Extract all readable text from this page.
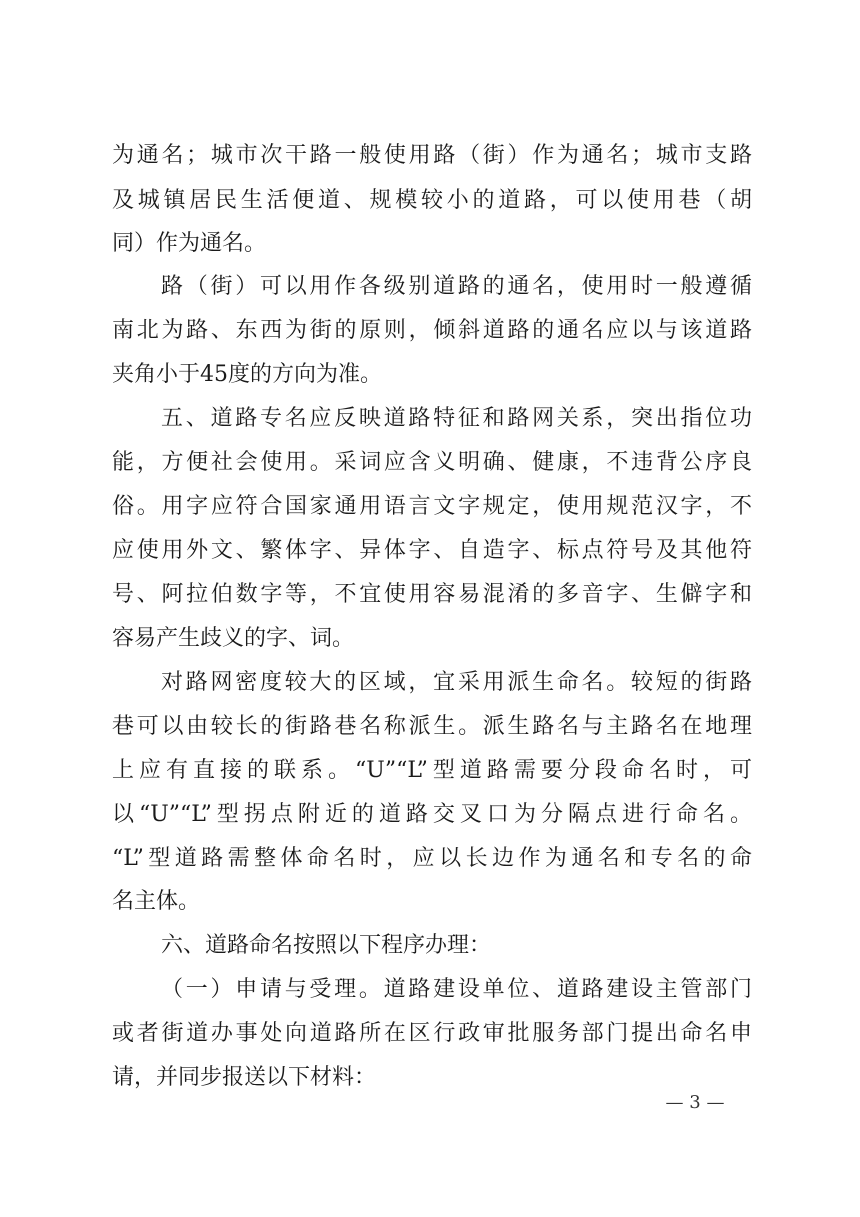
为通名；城市次干路一般使用路（街）作为通名；城市支路
及城镇居民生活便道、规模较小的道路，可以使用巷（胡
同）作为通名。
路（街）可以用作各级别道路的通名，使用时一般遵循
南北为路、东西为街的原则，倾斜道路的通名应以与该道路
夹角小于45度的方向为准。
五、道路专名应反映道路特征和路网关系，突出指位功
能，方便社会使用。采词应含义明确、健康，不违背公序良
俗。用字应符合国家通用语言文字规定，使用规范汉字，不
应使用外文、繁体字、异体字、自造字、标点符号及其他符
号、阿拉伯数字等，不宜使用容易混淆的多音字、生僻字和
容易产生歧义的字、词。
对路网密度较大的区域，宜采用派生命名。较短的街路
巷可以由较长的街路巷名称派生。派生路名与主路名在地理
上应有直接的联系。“U”“L”型道路需要分段命名时，可
以“U”“L”型拐点附近的道路交叉口为分隔点进行命名。
“L”型道路需整体命名时，应以长边作为通名和专名的命
名主体。
六、道路命名按照以下程序办理：
（一）申请与受理。道路建设单位、道路建设主管部门
或者街道办事处向道路所在区行政审批服务部门提出命名申
请，并同步报送以下材料：
— 3 —
